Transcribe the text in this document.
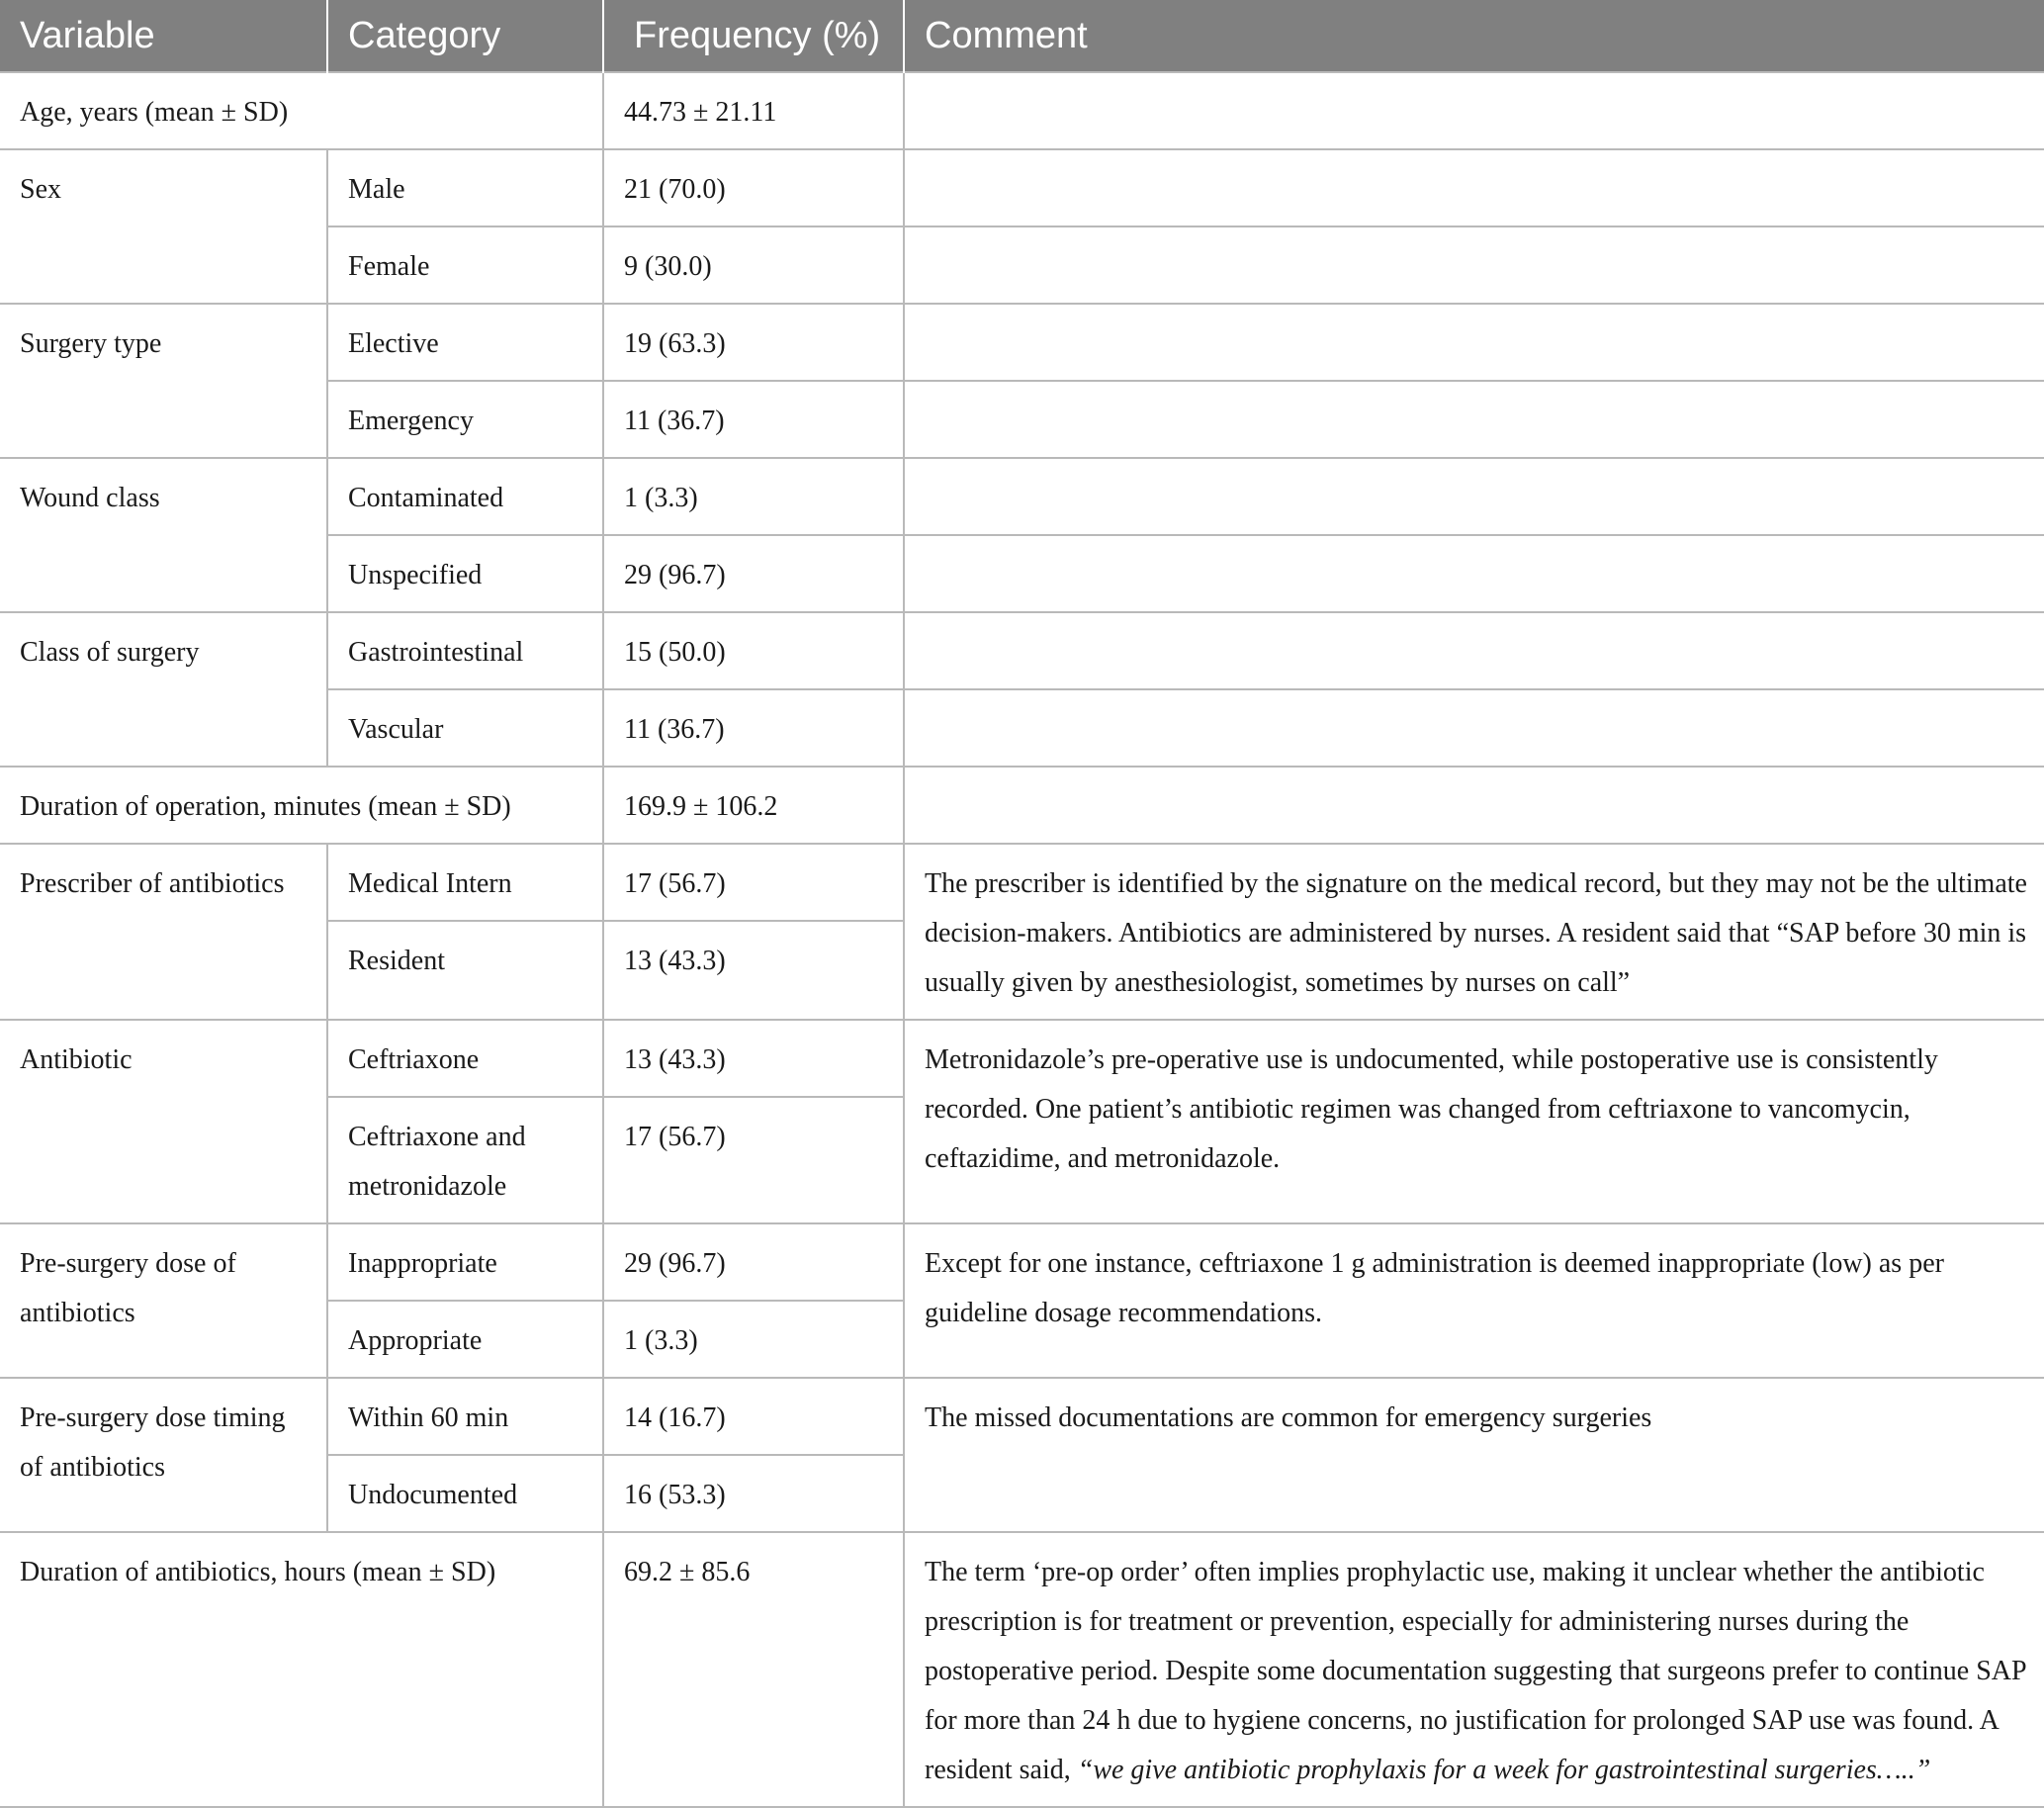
Variable	Category	Frequency (%)	Comment
Age, years (mean ± SD)		44.73 ± 21.11	
Sex	Male	21 (70.0)	
	Female	9 (30.0)	
Surgery type	Elective	19 (63.3)	
	Emergency	11 (36.7)	
Wound class	Contaminated	1 (3.3)	
	Unspecified	29 (96.7)	
Class of surgery	Gastrointestinal	15 (50.0)	
	Vascular	11 (36.7)	
Duration of operation, minutes (mean ± SD)		169.9 ± 106.2	
Prescriber of antibiotics	Medical Intern	17 (56.7)	The prescriber is identified by the signature on the medical record, but they may not be the ultimate decision-makers. Antibiotics are administered by nurses. A resident said that “SAP before 30 min is usually given by anesthesiologist, sometimes by nurses on call”
	Resident	13 (43.3)	
Antibiotic	Ceftriaxone	13 (43.3)	Metronidazole’s pre-operative use is undocumented, while postoperative use is consistently recorded. One patient’s antibiotic regimen was changed from ceftriaxone to vancomycin, ceftazidime, and metronidazole.
	Ceftriaxone and metronidazole	17 (56.7)	
Pre-surgery dose of antibiotics	Inappropriate	29 (96.7)	Except for one instance, ceftriaxone 1 g administration is deemed inappropriate (low) as per guideline dosage recommendations.
	Appropriate	1 (3.3)	
Pre-surgery dose timing of antibiotics	Within 60 min	14 (16.7)	The missed documentations are common for emergency surgeries
	Undocumented	16 (53.3)	
Duration of antibiotics, hours (mean ± SD)		69.2 ± 85.6	The term ‘pre-op order’ often implies prophylactic use, making it unclear whether the antibiotic prescription is for treatment or prevention, especially for administering nurses during the postoperative period. Despite some documentation suggesting that surgeons prefer to continue SAP for more than 24 h due to hygiene concerns, no justification for prolonged SAP use was found. A resident said, “we give antibiotic prophylaxis for a week for gastrointestinal surgeries…..”
